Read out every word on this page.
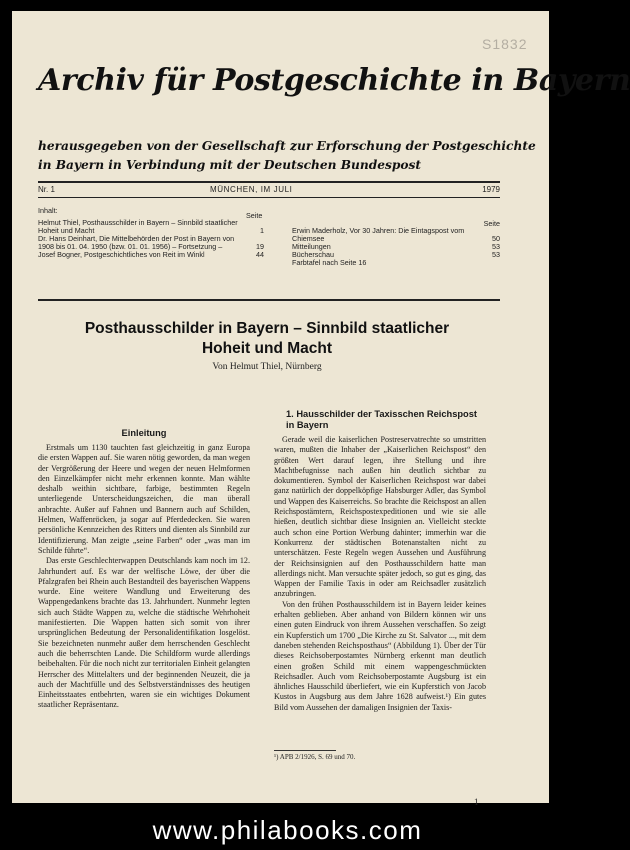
S1832
Archiv für Postgeschichte in Bayern
herausgegeben von der Gesellschaft zur Erforschung der Postgeschichte
in Bayern in Verbindung mit der Deutschen Bundespost
Nr. 1	MÜNCHEN, IM JULI	1979
Inhalt:
Seite
Seite
Helmut Thiel, Posthausschilder in Bayern – Sinnbild staatlicher Hoheit und Macht	1
Dr. Hans Deinhart, Die Mittelbehörden der Post in Bayern von 1908 bis 01. 04. 1950 (bzw. 01. 01. 1956) – Fortsetzung –	19
Josef Bogner, Postgeschichtliches von Reit im Winkl	44
Erwin Maderholz, Vor 30 Jahren: Die Eintagspost vom Chiemsee	50
Mitteilungen	53
Bücherschau	53
Farbtafel nach Seite 16
Posthausschilder in Bayern – Sinnbild staatlicher
Hoheit und Macht
Von Helmut Thiel, Nürnberg
Einleitung

Erstmals um 1130 tauchten fast gleichzeitig in ganz Europa die ersten Wappen auf. Sie waren nötig geworden, da man wegen der Vergrößerung der Heere und wegen der neuen Helmformen den Einzelkämpfer nicht mehr erkennen konnte. Man wählte deshalb weithin sichtbare, farbige, bestimmten Regeln unterliegende Unterscheidungszeichen, die man überall anbrachte. Außer auf Fahnen und Bannern auch auf Schilden, Helmen, Waffenröcken, ja sogar auf Pferdedecken. Sie waren persönliche Kennzeichen des Ritters und dienten als Sinnbild zur Identifizierung. Man zeigte „seine Farben“ oder „was man im Schilde führte“.

Das erste Geschlechterwappen Deutschlands kam noch im 12. Jahrhundert auf. Es war der welfische Löwe, der über die Pfalzgrafen bei Rhein auch Bestandteil des bayerischen Wappens wurde. Eine weitere Wandlung und Erweiterung des Wappengedankens brachte das 13. Jahrhundert. Nunmehr legten sich auch Städte Wappen zu, welche die städtische Wehrhoheit manifestierten. Die Wappen hatten sich somit von ihrer ursprünglichen Bedeutung der Personalidentifikation losgelöst. Sie bezeichneten nunmehr außer dem herrschenden Geschlecht auch die beherrschten Lande. Die Schildform wurde allerdings beibehalten. Für die noch nicht zur territorialen Einheit gelangten Herrscher des Mittelalters und der beginnenden Neuzeit, die ja auch der Machtfülle und des Selbstverständnisses des heutigen Einheitsstaates entbehrten, waren sie ein wichtiges Dokument staatlicher Repräsentanz.

1. Hausschilder der Taxisschen Reichspost in Bayern

Gerade weil die kaiserlichen Postreservatrechte so umstritten waren, mußten die Inhaber der „Kaiserlichen Reichspost“ den größten Wert darauf legen, ihre Stellung und ihre Machtbefugnisse nach außen hin deutlich sichtbar zu dokumentieren. Symbol der Kaiserlichen Reichspost war dabei ganz natürlich der doppelköpfige Habsburger Adler, das Symbol und Wappen des Kaiserreichs. So brachte die Reichspost an allen Reichspostämtern, Reichspostexpeditionen und wie sie alle hießen, deutlich sichtbar diese Insignien an. Vielleicht steckte auch schon eine Portion Werbung dahinter; immerhin war die Konkurrenz der städtischen Botenanstalten nicht zu unterschätzen. Feste Regeln wegen Aussehen und Ausführung der Reichsinsignien auf den Posthausschildern hatte man allerdings nicht. Man versuchte später jedoch, so gut es ging, das Wappen der Familie Taxis in oder am Reichsadler zusätzlich anzubringen.

Von den frühen Posthausschildern ist in Bayern leider keines erhalten geblieben. Aber anhand von Bildern können wir uns einen guten Eindruck von ihrem Aussehen verschaffen. So zeigt ein Kupferstich um 1700 „Die Kirche zu St. Salvator ..., mit dem daneben stehenden Reichsposthaus“ (Abbildung 1). Über der Tür dieses Reichsoberpostamtes Nürnberg erkennt man deutlich einen großen Schild mit einem wappengeschmückten Reichsadler. Auch vom Reichsoberpostamte Augsburg ist ein ähnliches Hausschild überliefert, wie ein Kupferstich von Jacob Kustos in Augsburg aus dem Jahre 1628 aufweist.¹) Ein gutes Bild vom Aussehen der damaligen Insignien der Taxis-

¹) APB 2/1926, S. 69 und 70.
1
www.philabooks.com
